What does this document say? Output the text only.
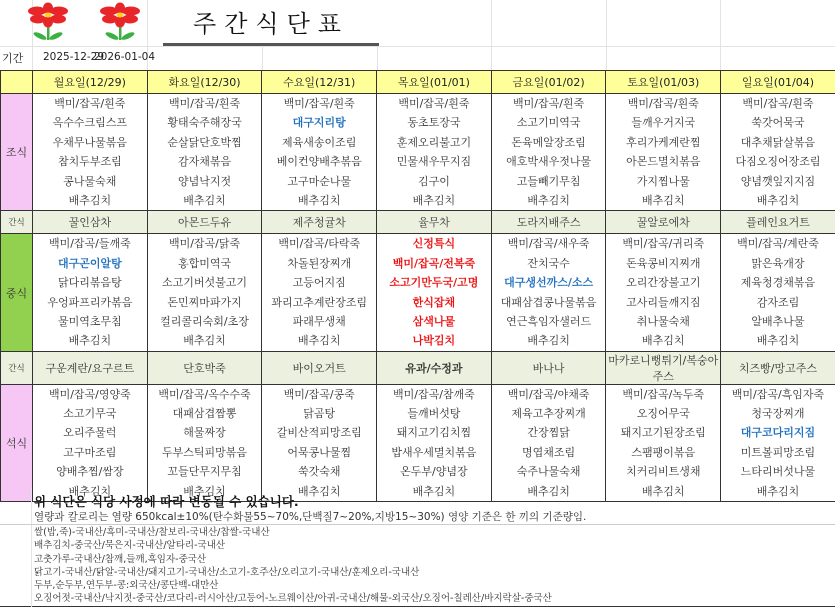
주간식단표
기간 2025-12-29
2026-01-04
	월요일(12/29)	화요일(12/30)	수요일(12/31)	목요일(01/01)	금요일(01/02)	토요일(01/03)	일요일(01/04)
조식	
백미/잡곡/흰죽
옥수수크림스프
우채무나물볶음
참치두부조림
콩나물숙채
배추김치

백미/잡곡/흰죽
황태숙주해장국
순살닭단호박찜
감자채볶음
양념낙지젓
배추김치

백미/잡곡/흰죽
대구지리탕
제육새송이조림
베이컨양배추볶음
고구마순나물
배추김치

백미/잡곡/흰죽
동초토장국
훈제오리불고기
민물새우무지짐
김구이
배추김치

백미/잡곡/흰죽
소고기미역국
돈육메알장조림
애호박새우젓나물
고들빼기무침
배추김치

백미/잡곡/흰죽
들깨우거지국
후리가케계란찜
아몬드멸치볶음
가지찜나물
배추김치

백미/잡곡/흰죽
쑥갓어묵국
대추채닭살볶음
다짐오징어장조림
양념깻잎지지짐
배추김치

간식	꿀인삼차	아몬드두유	제주청귤차	율무차	도라지배주스	꿀알로에차	플레인요거트
중식	
백미/잡곡/들깨죽
대구곤이알탕
닭다리볶음탕
우엉파프리카볶음
물미역초무침
배추김치

백미/잡곡/닭죽
홍합미역국
소고기버섯불고기
돈민찌마파가지
컬리콜리숙회/초장
배추김치

백미/잡곡/타락죽
차돌된장찌개
고등어지짐
꽈리고추계란장조림
파래무생채
배추김치

신정특식
백미/잡곡/전복죽
소고기만두국/고명
한식잡채
삼색나물
나박김치

백미/잡곡/새우죽
잔치국수
대구생선까스/소스
대패삼겹콩나물볶음
연근흑임자샐러드
배추김치

백미/잡곡/귀리죽
돈육콩비지찌개
오리간장불고기
고사리들깨지짐
취나물숙채
배추김치

백미/잡곡/계란죽
맑은육개장
제육청경채볶음
감자조림
알배추나물
배추김치

간식	구운계란/요구르트	단호박죽	바이오거트	유과/수정과	바나나	마카로니뻥튀기/복숭아주스	치즈빵/망고주스
석식	
백미/잡곡/영양죽
소고기무국
오리주물럭
고구마조림
양배추찜/쌈장
배추김치

백미/잡곡/옥수수죽
대패삼겹짬뽕
해물짜장
두부스틱피망볶음
꼬들단무지무침
배추김치

백미/잡곡/콩죽
닭곰탕
갈비산적피망조림
어묵콩나물찜
쑥갓숙채
배추김치

백미/잡곡/참깨죽
들깨버섯탕
돼지고기김치찜
밥새우세멸치볶음
온두부/양념장
배추김치

백미/잡곡/야채죽
제육고추장찌개
간장찜닭
명엽채조림
숙주나물숙채
배추김치

백미/잡곡/녹두죽
오징어무국
돼지고기된장조림
스팸팽이볶음
치커리비트생채
배추김치

백미/잡곡/흑임자죽
청국장찌개
대구코다리지짐
미트볼피망조림
느타리버섯나물
배추김치
위 식단은 식당 사정에 따라 변동될 수 있습니다.
열량과 칼로리는 열량 650kcal±10%(탄수화물55~70%,단백질7~20%,지방15~30%) 영양 기준은 한 끼의 기준량임.
쌀(밥,죽)-국내산/흑미-국내산/찰보리-국내산/찹쌀-국내산
배추김치-중국산/묵은지-국내산/알타리-국내산
고춧가루-국내산/참깨,들깨,흑임자-중국산
닭고기-국내산/닭알-국내산/돼지고기-국내산/소고기-호주산/오리고기-국내산/훈제오리-국내산
두부,순두부,연두부-콩:외국산/콩단백-대만산
오징어젓-국내산/낙지젓-중국산/코다리-러시아산/고등어-노르웨이산/아귀-국내산/해물-외국산/오징어-칠레산/바지락살-중국산
